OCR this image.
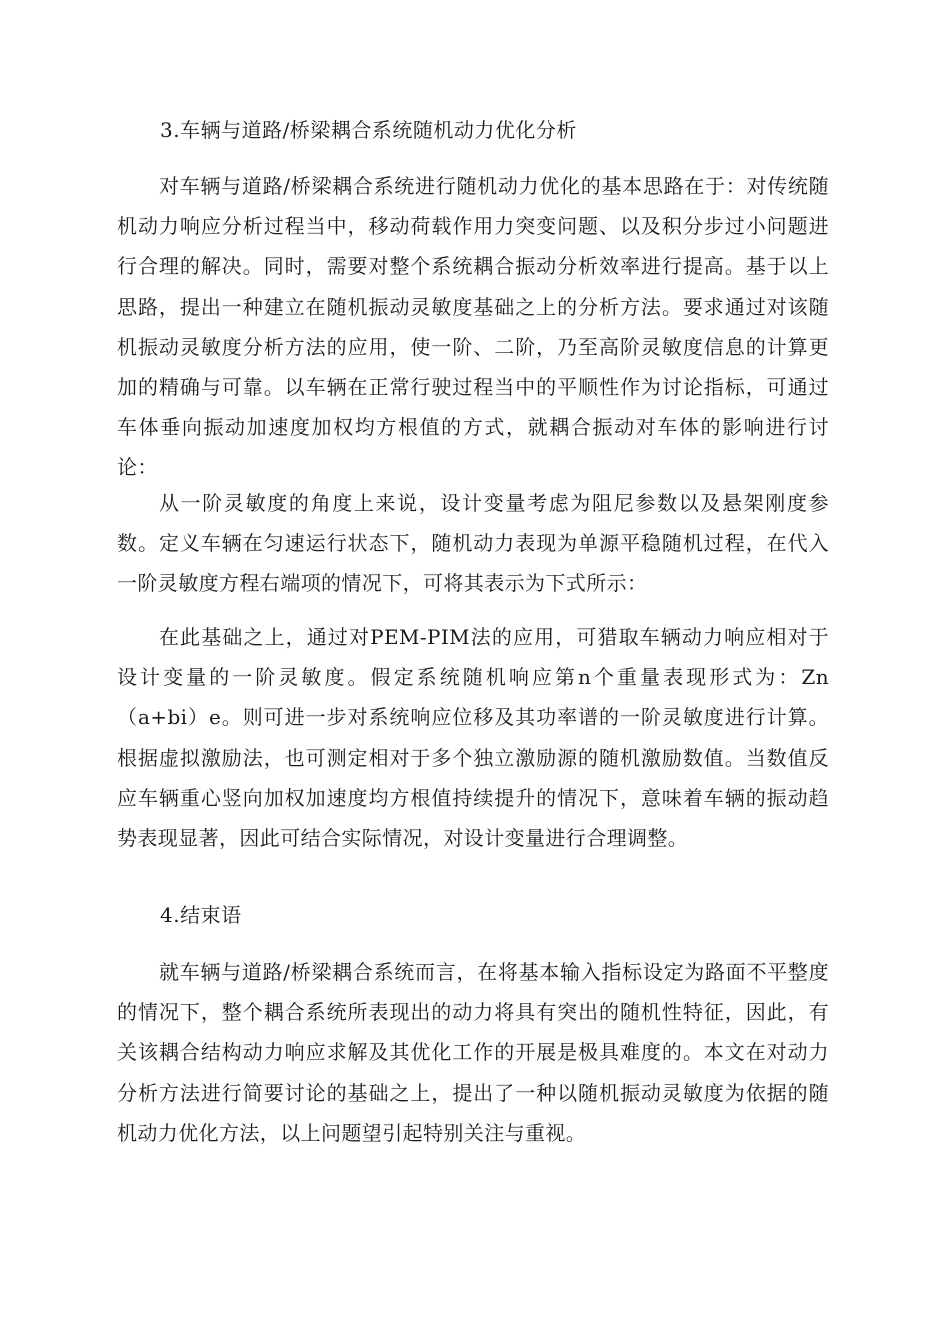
3.车辆与道路/桥梁耦合系统随机动力优化分析

对车辆与道路/桥梁耦合系统进行随机动力优化的基本思路在于：对传统随机动力响应分析过程当中，移动荷载作用力突变问题、以及积分步过小问题进行合理的解决。同时，需要对整个系统耦合振动分析效率进行提高。基于以上思路，提出一种建立在随机振动灵敏度基础之上的分析方法。要求通过对该随机振动灵敏度分析方法的应用，使一阶、二阶，乃至高阶灵敏度信息的计算更加的精确与可靠。以车辆在正常行驶过程当中的平顺性作为讨论指标，可通过车体垂向振动加速度加权均方根值的方式，就耦合振动对车体的影响进行讨论：

从一阶灵敏度的角度上来说，设计变量考虑为阻尼参数以及悬架刚度参数。定义车辆在匀速运行状态下，随机动力表现为单源平稳随机过程，在代入一阶灵敏度方程右端项的情况下，可将其表示为下式所示：

在此基础之上，通过对PEM-PIM法的应用，可猎取车辆动力响应相对于设计变量的一阶灵敏度。假定系统随机响应第n个重量表现形式为：Zn（a+bi）e。则可进一步对系统响应位移及其功率谱的一阶灵敏度进行计算。根据虚拟激励法，也可测定相对于多个独立激励源的随机激励数值。当数值反应车辆重心竖向加权加速度均方根值持续提升的情况下，意味着车辆的振动趋势表现显著，因此可结合实际情况，对设计变量进行合理调整。

4.结束语

就车辆与道路/桥梁耦合系统而言，在将基本输入指标设定为路面不平整度的情况下，整个耦合系统所表现出的动力将具有突出的随机性特征，因此，有关该耦合结构动力响应求解及其优化工作的开展是极具难度的。本文在对动力分析方法进行简要讨论的基础之上，提出了一种以随机振动灵敏度为依据的随机动力优化方法，以上问题望引起特别关注与重视。
